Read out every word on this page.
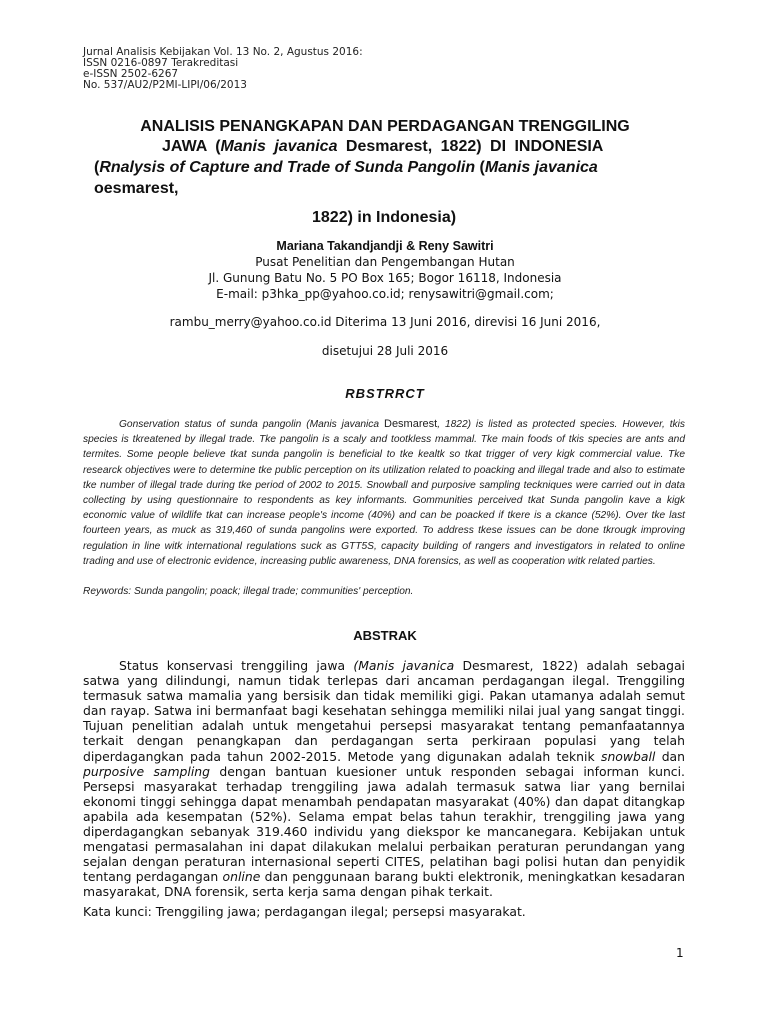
Jurnal Analisis Kebijakan Vol. 13 No. 2, Agustus 2016:
ISSN 0216-0897 Terakreditasi
e-ISSN 2502-6267
No. 537/AU2/P2MI-LIPI/06/2013
ANALISIS PENANGKAPAN DAN PERDAGANGAN TRENGGILING
JAWA (Manis javanica Desmarest, 1822) DI INDONESIA
(Rnalysis of Capture and Trade of Sunda Pangolin (Manis javanica
oesmarest,
1822) in Indonesia)
Mariana Takandjandji & Reny Sawitri
Pusat Penelitian dan Pengembangan Hutan
Jl. Gunung Batu No. 5 PO Box 165; Bogor 16118, Indonesia
E-mail: p3hka_pp@yahoo.co.id; renysawitri@gmail.com;
rambu_merry@yahoo.co.id Diterima 13 Juni 2016, direvisi 16 Juni 2016,
disetujui 28 Juli 2016
RBSTRRCT
Gonservation status of sunda pangolin (Manis javanica Desmarest, 1822) is listed as protected species. However, tkis species is tkreatened by illegal trade. Tke pangolin is a scaly and tootkless mammal. Tke main foods of tkis species are ants and termites. Some people believe tkat sunda pangolin is beneficial to tke kealtk so tkat trigger of very kigk commercial value. Tke researck objectives were to determine tke public perception on its utilization related to poacking and illegal trade and also to estimate tke number of illegal trade during tke period of 2002 to 2015. Snowball and purposive sampling teckniques were carried out in data collecting by using questionnaire to respondents as key informants. Gommunities perceived tkat Sunda pangolin kave a kigk economic value of wildlife tkat can increase people's income (40%) and can be poacked if tkere is a ckance (52%). Over tke last fourteen years, as muck as 319,460 of sunda pangolins were exported. To address tkese issues can be done tkrougk improving regulation in line witk international regulations suck as GTT5S, capacity building of rangers and investigators in related to online trading and use of electronic evidence, increasing public awareness, DNA forensics, as well as cooperation witk related parties.
Reywords: Sunda pangolin; poack; illegal trade; communities' perception.
ABSTRAK
Status konservasi trenggiling jawa (Manis javanica Desmarest, 1822) adalah sebagai satwa yang dilindungi, namun tidak terlepas dari ancaman perdagangan ilegal. Trenggiling termasuk satwa mamalia yang bersisik dan tidak memiliki gigi. Pakan utamanya adalah semut dan rayap. Satwa ini bermanfaat bagi kesehatan sehingga memiliki nilai jual yang sangat tinggi. Tujuan penelitian adalah untuk mengetahui persepsi masyarakat tentang pemanfaatannya terkait dengan penangkapan dan perdagangan serta perkiraan populasi yang telah diperdagangkan pada tahun 2002-2015. Metode yang digunakan adalah teknik snowball dan purposive sampling dengan bantuan kuesioner untuk responden sebagai informan kunci. Persepsi masyarakat terhadap trenggiling jawa adalah termasuk satwa liar yang bernilai ekonomi tinggi sehingga dapat menambah pendapatan masyarakat (40%) dan dapat ditangkap apabila ada kesempatan (52%). Selama empat belas tahun terakhir, trenggiling jawa yang diperdagangkan sebanyak 319.460 individu yang diekspor ke mancanegara. Kebijakan untuk mengatasi permasalahan ini dapat dilakukan melalui perbaikan peraturan perundangan yang sejalan dengan peraturan internasional seperti CITES, pelatihan bagi polisi hutan dan penyidik tentang perdagangan online dan penggunaan barang bukti elektronik, meningkatkan kesadaran masyarakat, DNA forensik, serta kerja sama dengan pihak terkait.
Kata kunci: Trenggiling jawa; perdagangan ilegal; persepsi masyarakat.
1
